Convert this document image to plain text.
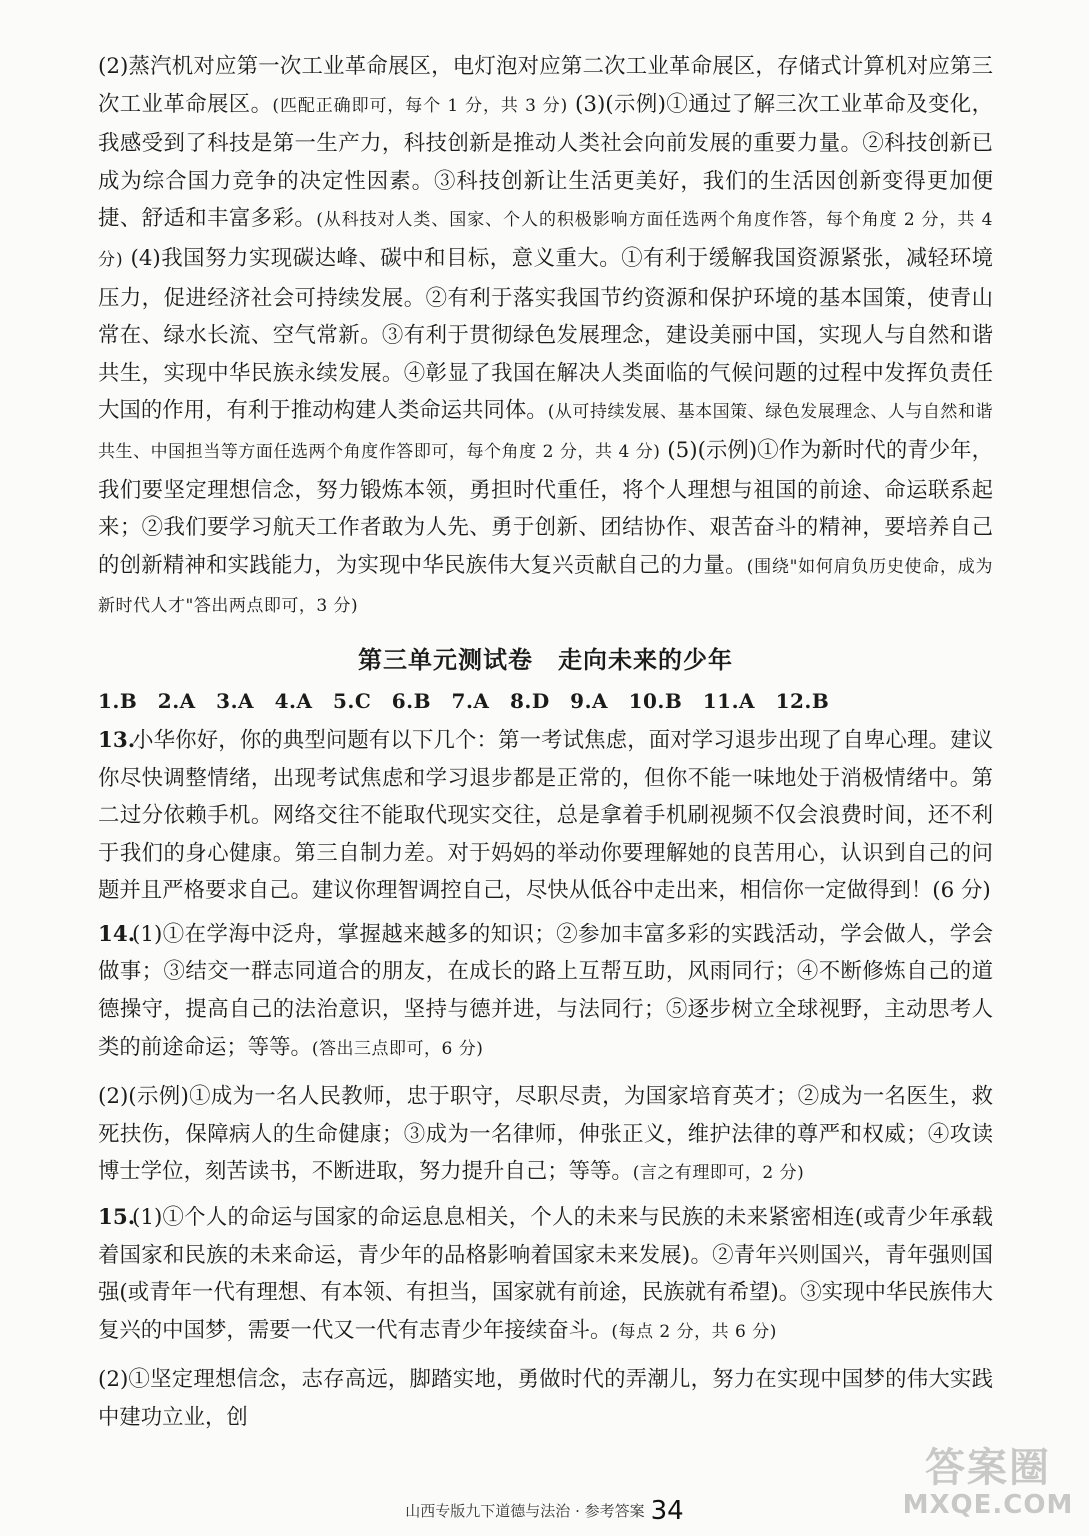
(2)蒸汽机对应第一次工业革命展区，电灯泡对应第二次工业革命展区，存储式计算机对应第三次工业革命展区。(匹配正确即可，每个 1 分，共 3 分) (3)(示例)①通过了解三次工业革命及变化，我感受到了科技是第一生产力，科技创新是推动人类社会向前发展的重要力量。②科技创新已成为综合国力竞争的决定性因素。③科技创新让生活更美好，我们的生活因创新变得更加便捷、舒适和丰富多彩。(从科技对人类、国家、个人的积极影响方面任选两个角度作答，每个角度 2 分，共 4 分) (4)我国努力实现碳达峰、碳中和目标，意义重大。①有利于缓解我国资源紧张，减轻环境压力，促进经济社会可持续发展。②有利于落实我国节约资源和保护环境的基本国策，使青山常在、绿水长流、空气常新。③有利于贯彻绿色发展理念，建设美丽中国，实现人与自然和谐共生，实现中华民族永续发展。④彰显了我国在解决人类面临的气候问题的过程中发挥负责任大国的作用，有利于推动构建人类命运共同体。(从可持续发展、基本国策、绿色发展理念、人与自然和谐共生、中国担当等方面任选两个角度作答即可，每个角度 2 分，共 4 分) (5)(示例)①作为新时代的青少年，我们要坚定理想信念，努力锻炼本领，勇担时代重任，将个人理想与祖国的前途、命运联系起来；②我们要学习航天工作者敢为人先、勇于创新、团结协作、艰苦奋斗的精神，要培养自己的创新精神和实践能力，为实现中华民族伟大复兴贡献自己的力量。(围绕"如何肩负历史使命，成为新时代人才"答出两点即可，3 分)

第三单元测试卷　走向未来的少年
1.B　2.A　3.A　4.A　5.C　6.B　7.A　8.D　9.A　10.B　11.A　12.B

13.小华你好，你的典型问题有以下几个：第一考试焦虑，面对学习退步出现了自卑心理。建议你尽快调整情绪，出现考试焦虑和学习退步都是正常的，但你不能一味地处于消极情绪中。第二过分依赖手机。网络交往不能取代现实交往，总是拿着手机刷视频不仅会浪费时间，还不利于我们的身心健康。第三自制力差。对于妈妈的举动你要理解她的良苦用心，认识到自己的问题并且严格要求自己。建议你理智调控自己，尽快从低谷中走出来，相信你一定做得到！(6 分)

14.(1)①在学海中泛舟，掌握越来越多的知识；②参加丰富多彩的实践活动，学会做人，学会做事；③结交一群志同道合的朋友，在成长的路上互帮互助，风雨同行；④不断修炼自己的道德操守，提高自己的法治意识，坚持与德并进，与法同行；⑤逐步树立全球视野，主动思考人类的前途命运；等等。(答出三点即可，6 分)
(2)(示例)①成为一名人民教师，忠于职守，尽职尽责，为国家培育英才；②成为一名医生，救死扶伤，保障病人的生命健康；③成为一名律师，伸张正义，维护法律的尊严和权威；④攻读博士学位，刻苦读书，不断进取，努力提升自己；等等。(言之有理即可，2 分)

15.(1)①个人的命运与国家的命运息息相关，个人的未来与民族的未来紧密相连(或青少年承载着国家和民族的未来命运，青少年的品格影响着国家未来发展)。②青年兴则国兴，青年强则国强(或青年一代有理想、有本领、有担当，国家就有前途，民族就有希望)。③实现中华民族伟大复兴的中国梦，需要一代又一代有志青少年接续奋斗。(每点 2 分，共 6 分)
(2)①坚定理想信念，志存高远，脚踏实地，勇做时代的弄潮儿，努力在实现中国梦的伟大实践中建功立业，创

山西专版九下道德与法治 · 参考答案 34
答案圈
MXQE.COM
